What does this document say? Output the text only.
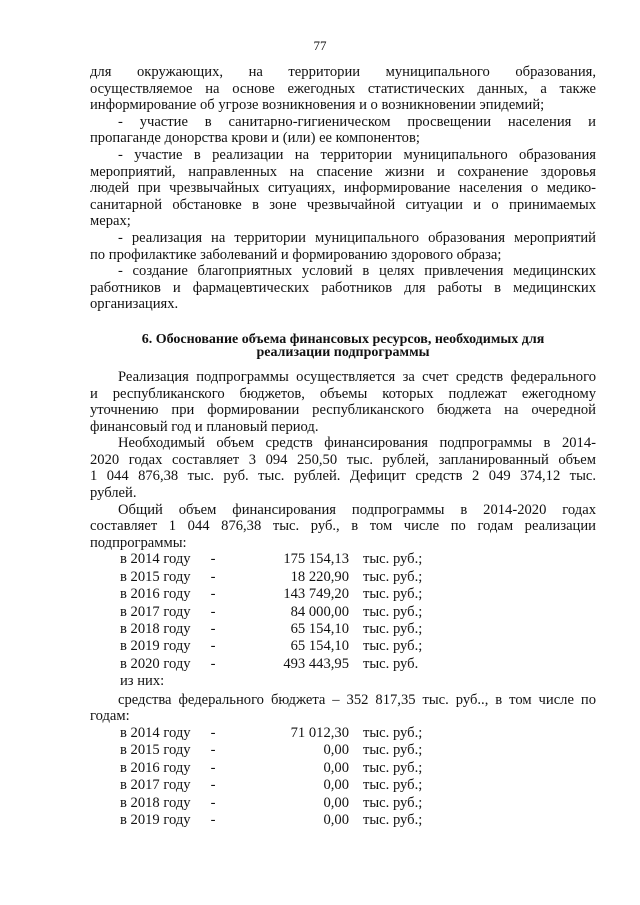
77

для окружающих, на территории муниципального образования,

осуществляемое на основе ежегодных статистических данных, а также

информирование об угрозе возникновения и о возникновении эпидемий;

- участие в санитарно-гигиеническом просвещении населения и

пропаганде донорства крови и (или) ее компонентов;

- участие в реализации на территории муниципального образования

мероприятий, направленных на спасение жизни и сохранение здоровья

людей при чрезвычайных ситуациях, информирование населения о медико-

санитарной обстановке в зоне чрезвычайной ситуации и о принимаемых

мерах;

- реализация на территории муниципального образования мероприятий

по профилактике заболеваний и формированию здорового образа;

- создание благоприятных условий в целях привлечения медицинских

работников и фармацевтических работников для работы в медицинских

организациях.

6. Обоснование объема финансовых ресурсов, необходимых для
реализации подпрограммы

Реализация подпрограммы осуществляется за счет средств федерального

и республиканского бюджетов, объемы которых подлежат ежегодному

уточнению при формировании республиканского бюджета на очередной

финансовый год и плановый период.

Необходимый объем средств финансирования подпрограммы в 2014-

2020 годах составляет 3 094 250,50 тыс. рублей, запланированный объем

1 044 876,38 тыс. руб. тыс. рублей. Дефицит средств 2 049 374,12 тыс.

рублей.

Общий объем финансирования подпрограммы в 2014-2020 годах

составляет 1 044 876,38 тыс. руб., в том числе по годам реализации

подпрограммы:

в 2014 году	-	175 154,13	тыс. руб.;
в 2015 году	-	18 220,90	тыс. руб.;
в 2016 году	-	143 749,20	тыс. руб.;
в 2017 году	-	84 000,00	тыс. руб.;
в 2018 году	-	65 154,10	тыс. руб.;
в 2019 году	-	65 154,10	тыс. руб.;
в 2020 году	-	493 443,95	тыс. руб.

из них:

средства федерального бюджета – 352 817,35 тыс. руб.., в том числе по

годам:

в 2014 году	-	71 012,30	тыс. руб.;
в 2015 году	-	0,00	тыс. руб.;
в 2016 году	-	0,00	тыс. руб.;
в 2017 году	-	0,00	тыс. руб.;
в 2018 году	-	0,00	тыс. руб.;
в 2019 году	-	0,00	тыс. руб.;
